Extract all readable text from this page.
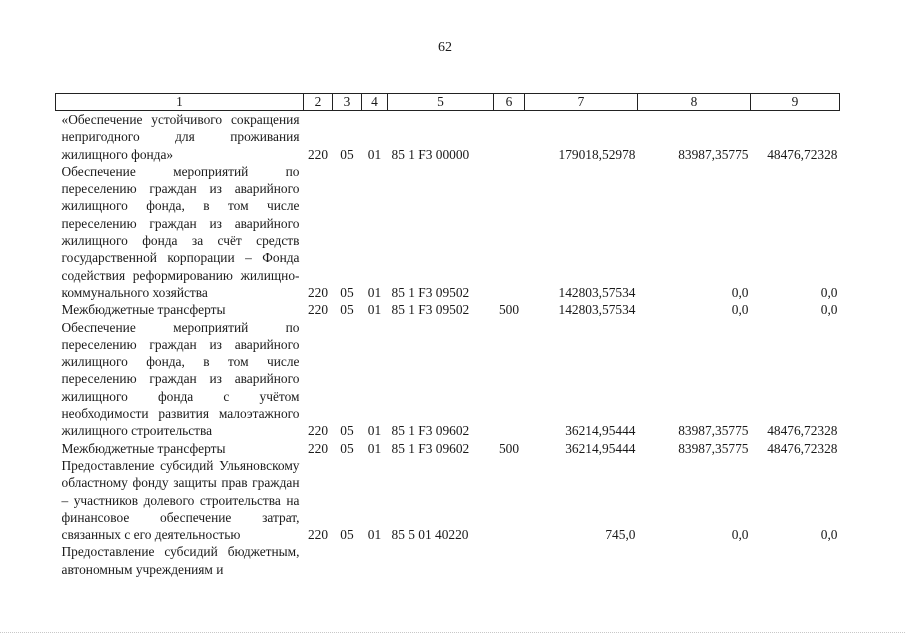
62
1	2	3	4	5	6	7	8	9
«Обеспечение устойчивого сокращения непригодного для проживания жилищного фонда»	220	05	01	85 1 F3 00000		179018,52978	83987,35775	48476,72328
Обеспечение мероприятий по переселению граждан из аварийного жилищного фонда, в том числе переселению граждан из аварийного жилищного фонда за счёт средств государственной корпорации – Фонда содействия реформированию жилищно-коммунального хозяйства	220	05	01	85 1 F3 09502		142803,57534	0,0	0,0
Межбюджетные трансферты	220	05	01	85 1 F3 09502	500	142803,57534	0,0	0,0
Обеспечение мероприятий по переселению граждан из аварийного жилищного фонда, в том числе переселению граждан из аварийного жилищного фонда с учётом необходимости развития малоэтажного жилищного строительства	220	05	01	85 1 F3 09602		36214,95444	83987,35775	48476,72328
Межбюджетные трансферты	220	05	01	85 1 F3 09602	500	36214,95444	83987,35775	48476,72328
Предоставление субсидий Ульяновскому областному фонду защиты прав граждан – участников долевого строительства на финансовое обеспечение затрат, связанных с его деятельностью	220	05	01	85 5 01 40220		745,0	0,0	0,0
Предоставление субсидий бюджетным, автономным учреждениям и								
